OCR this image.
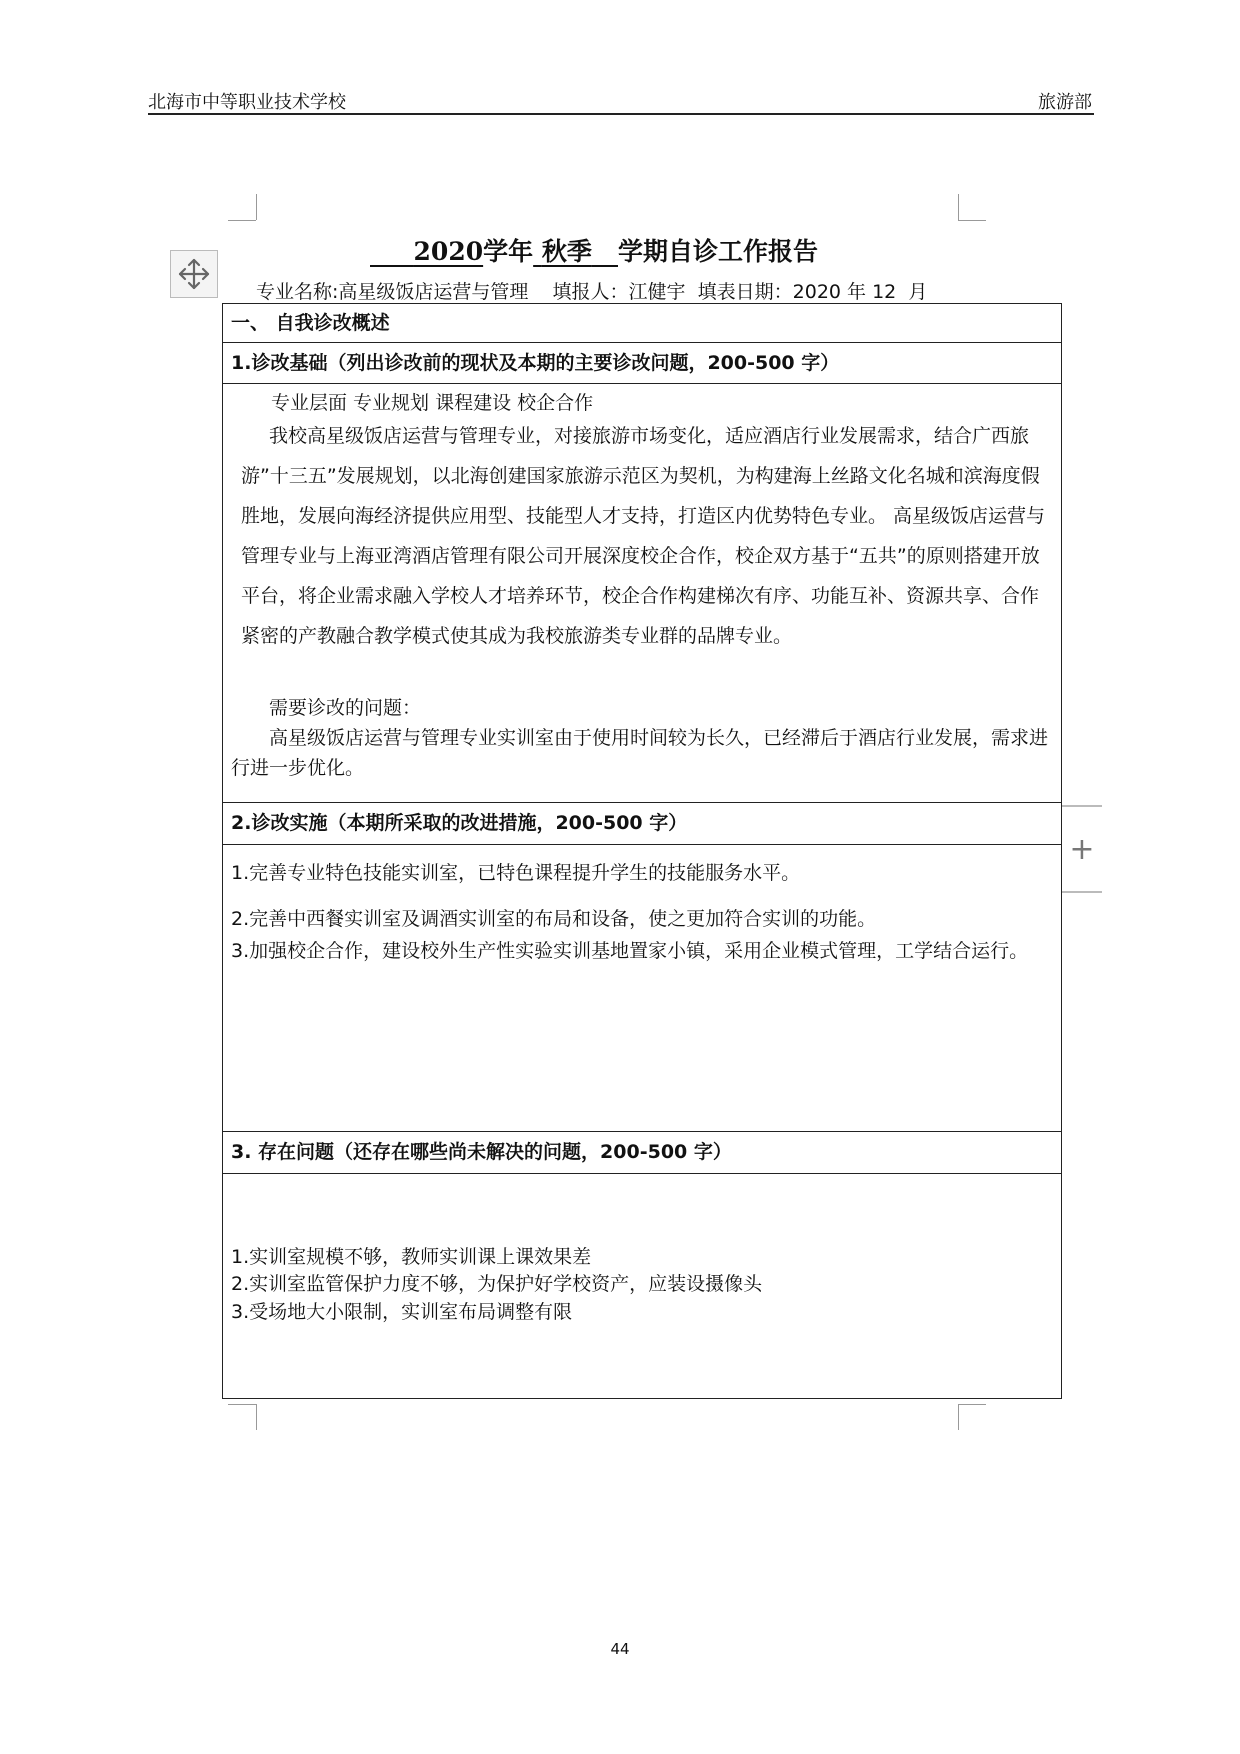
北海市中等职业技术学校	旅游部
+
2020学年 秋季 学期自诊工作报告
专业名称:高星级饭店运营与管理    填报人：江健宇  填表日期：2020 年 12  月
一、 自我诊改概述
1.诊改基础（列出诊改前的现状及本期的主要诊改问题，200-500 字）
专业层面 专业规划 课程建设 校企合作
我校高星级饭店运营与管理专业，对接旅游市场变化，适应酒店行业发展需求，结合广西旅游”十三五”发展规划，以北海创建国家旅游示范区为契机，为构建海上丝路文化名城和滨海度假胜地，发展向海经济提供应用型、技能型人才支持，打造区内优势特色专业。 高星级饭店运营与管理专业与上海亚湾酒店管理有限公司开展深度校企合作，校企双方基于“五共”的原则搭建开放平台，将企业需求融入学校人才培养环节，校企合作构建梯次有序、功能互补、资源共享、合作紧密的产教融合教学模式使其成为我校旅游类专业群的品牌专业。
需要诊改的问题：
高星级饭店运营与管理专业实训室由于使用时间较为长久，已经滞后于酒店行业发展，需求进行进一步优化。
2.诊改实施（本期所采取的改进措施，200-500 字）
1.完善专业特色技能实训室，已特色课程提升学生的技能服务水平。
2.完善中西餐实训室及调酒实训室的布局和设备，使之更加符合实训的功能。
3.加强校企合作，建设校外生产性实验实训基地置家小镇，采用企业模式管理，工学结合运行。
3. 存在问题（还存在哪些尚未解决的问题，200-500 字）
1.实训室规模不够，教师实训课上课效果差
2.实训室监管保护力度不够，为保护好学校资产，应装设摄像头
3.受场地大小限制，实训室布局调整有限
44
